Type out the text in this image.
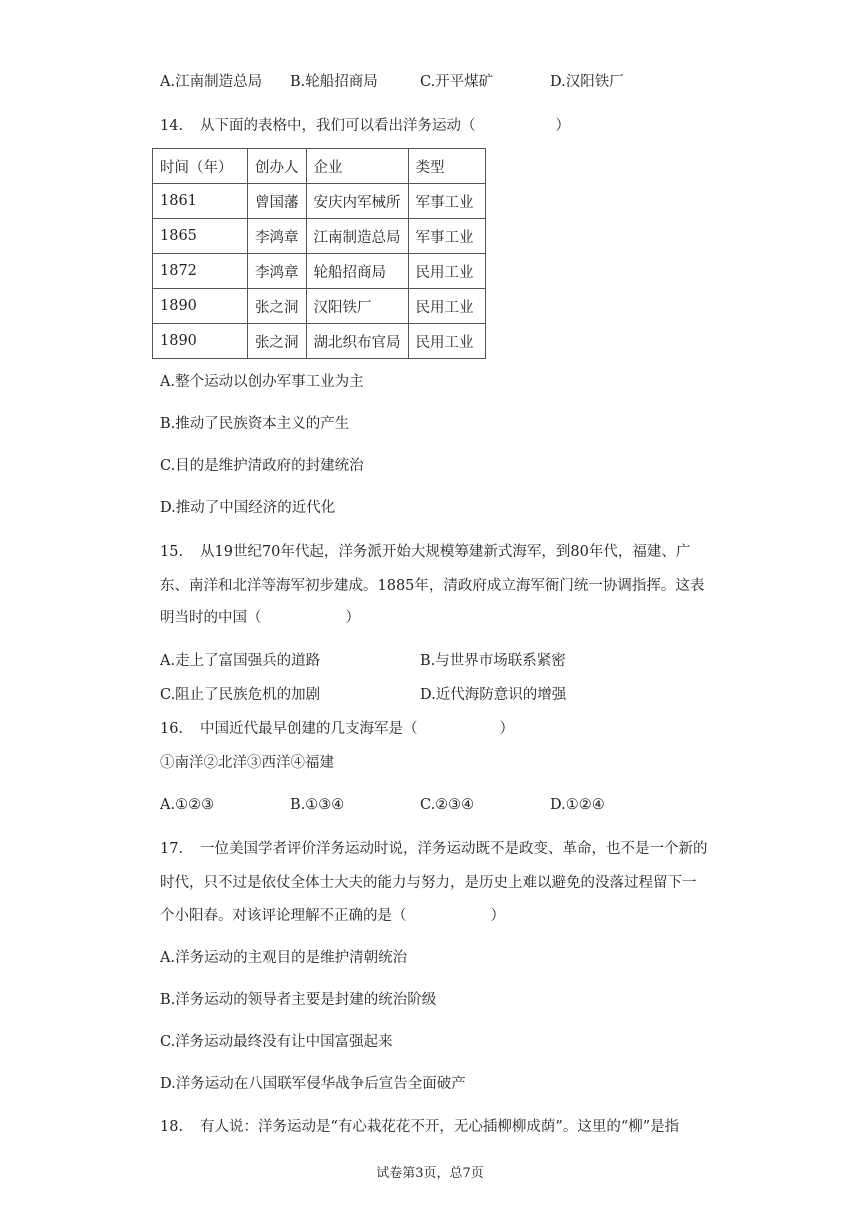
A.江南制造总局 B.轮船招商局	C.开平煤矿	D.汉阳铁厂
14. 从下面的表格中，我们可以看出洋务运动（	）
时间（年）	创办人	企业	类型
1861	曾国藩	安庆内军械所	军事工业
1865	李鸿章	江南制造总局	军事工业
1872	李鸿章	轮船招商局	民用工业
1890	张之洞	汉阳铁厂	民用工业
1890	张之洞	湖北织布官局	民用工业
A.整个运动以创办军事工业为主
B.推动了民族资本主义的产生
C.目的是维护清政府的封建统治
D.推动了中国经济的近代化
15. 从19世纪70年代起，洋务派开始大规模筹建新式海军，到80年代，福建、广
东、南洋和北洋等海军初步建成。1885年，清政府成立海军衙门统一协调指挥。这表
明当时的中国（	）
A.走上了富国强兵的道路	B.与世界市场联系紧密
C.阻止了民族危机的加剧	D.近代海防意识的增强
16. 中国近代最早创建的几支海军是（	）
①南洋②北洋③西洋④福建
A.①②③	B.①③④	C.②③④	D.①②④
17. 一位美国学者评价洋务运动时说，洋务运动既不是政变、革命，也不是一个新的
时代，只不过是依仗全体士大夫的能力与努力，是历史上难以避免的没落过程留下一
个小阳春。对该评论理解不正确的是（	）
A.洋务运动的主观目的是维护清朝统治
B.洋务运动的领导者主要是封建的统治阶级
C.洋务运动最终没有让中国富强起来
D.洋务运动在八国联军侵华战争后宣告全面破产
18. 有人说：洋务运动是“有心栽花花不开，无心插柳柳成荫”。这里的“柳”是指
试卷第3页，总7页
